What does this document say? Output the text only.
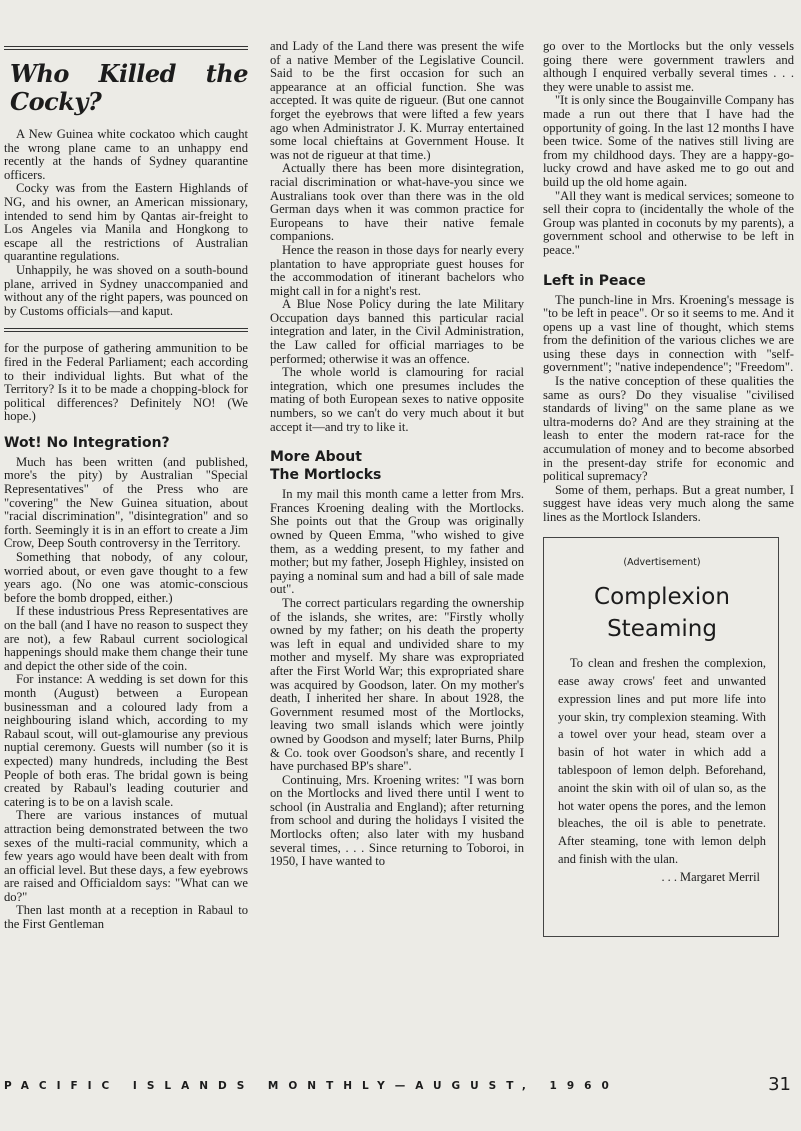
Who Killed the Cocky?

A New Guinea white cockatoo which caught the wrong plane came to an unhappy end recently at the hands of Sydney quarantine officers.

Cocky was from the Eastern Highlands of NG, and his owner, an American missionary, intended to send him by Qantas air-freight to Los Angeles via Manila and Hongkong to escape all the restrictions of Australian quarantine regulations.

Unhappily, he was shoved on a south-bound plane, arrived in Sydney unaccompanied and without any of the right papers, was pounced on by Customs officials—and kaput.

for the purpose of gathering ammunition to be fired in the Federal Parliament; each according to their individual lights. But what of the Territory? Is it to be made a chopping-block for political differences? Definitely NO! (We hope.)

Wot! No Integration?

Much has been written (and published, more's the pity) by Australian "Special Representatives" of the Press who are "covering" the New Guinea situation, about "racial discrimination", "disintegration" and so forth. Seemingly it is in an effort to create a Jim Crow, Deep South controversy in the Territory.

Something that nobody, of any colour, worried about, or even gave thought to a few years ago. (No one was atomic-conscious before the bomb dropped, either.)

If these industrious Press Representatives are on the ball (and I have no reason to suspect they are not), a few Rabaul current sociological happenings should make them change their tune and depict the other side of the coin.

For instance: A wedding is set down for this month (August) between a European businessman and a coloured lady from a neighbouring island which, according to my Rabaul scout, will out-glamourise any previous nuptial ceremony. Guests will number (so it is expected) many hundreds, including the Best People of both eras. The bridal gown is being created by Rabaul's leading couturier and catering is to be on a lavish scale.

There are various instances of mutual attraction being demonstrated between the two sexes of the multi-racial community, which a few years ago would have been dealt with from an official level. But these days, a few eyebrows are raised and Officialdom says: "What can we do?"

Then last month at a reception in Rabaul to the First Gentleman

and Lady of the Land there was present the wife of a native Member of the Legislative Council. Said to be the first occasion for such an appearance at an official function. She was accepted. It was quite de rigueur. (But one cannot forget the eyebrows that were lifted a few years ago when Administrator J. K. Murray entertained some local chieftains at Government House. It was not de rigueur at that time.)

Actually there has been more disintegration, racial discrimination or what-have-you since we Australians took over than there was in the old German days when it was common practice for Europeans to have their native female companions.

Hence the reason in those days for nearly every plantation to have appropriate guest houses for the accommodation of itinerant bachelors who might call in for a night's rest.

A Blue Nose Policy during the late Military Occupation days banned this particular racial integration and later, in the Civil Administration, the Law called for official marriages to be performed; otherwise it was an offence.

The whole world is clamouring for racial integration, which one presumes includes the mating of both European sexes to native opposite numbers, so we can't do very much about it but accept it—and try to like it.

More About
The Mortlocks

In my mail this month came a letter from Mrs. Frances Kroening dealing with the Mortlocks. She points out that the Group was originally owned by Queen Emma, "who wished to give them, as a wedding present, to my father and mother; but my father, Joseph Highley, insisted on paying a nominal sum and had a bill of sale made out".

The correct particulars regarding the ownership of the islands, she writes, are: "Firstly wholly owned by my father; on his death the property was left in equal and undivided share to my mother and myself. My share was expropriated after the First World War; this expropriated share was acquired by Goodson, later. On my mother's death, I inherited her share. In about 1928, the Government resumed most of the Mortlocks, leaving two small islands which were jointly owned by Goodson and myself; later Burns, Philp & Co. took over Goodson's share, and recently I have purchased BP's share".

Continuing, Mrs. Kroening writes: "I was born on the Mortlocks and lived there until I went to school (in Australia and England); after returning from school and during the holidays I visited the Mortlocks often; also later with my husband several times, . . . Since returning to Toboroi, in 1950, I have wanted to

go over to the Mortlocks but the only vessels going there were government trawlers and although I enquired verbally several times . . . they were unable to assist me.

"It is only since the Bougainville Company has made a run out there that I have had the opportunity of going. In the last 12 months I have been twice. Some of the natives still living are from my childhood days. They are a happy-go-lucky crowd and have asked me to go out and build up the old home again.

"All they want is medical services; someone to sell their copra to (incidentally the whole of the Group was planted in coconuts by my parents), a government school and otherwise to be left in peace."

Left in Peace

The punch-line in Mrs. Kroening's message is "to be left in peace". Or so it seems to me. And it opens up a vast line of thought, which stems from the definition of the various cliches we are using these days in connection with "self-government"; "native independence"; "Freedom".

Is the native conception of these qualities the same as ours? Do they visualise "civilised standards of living" on the same plane as we ultra-moderns do? And are they straining at the leash to enter the modern rat-race for the accumulation of money and to become absorbed in the present-day strife for economic and political supremacy?

Some of them, perhaps. But a great number, I suggest have ideas very much along the same lines as the Mortlock Islanders.

(Advertisement)
Complexion
Steaming

To clean and freshen the complexion, ease away crows' feet and unwanted expression lines and put more life into your skin, try complexion steaming. With a towel over your head, steam over a basin of hot water in which add a tablespoon of lemon delph. Beforehand, anoint the skin with oil of ulan so, as the hot water opens the pores, and the lemon bleaches, the oil is able to penetrate. After steaming, tone with lemon delph and finish with the ulan.

. . . Margaret Merril
PACIFIC ISLANDS MONTHLY—AUGUST, 1960	31
